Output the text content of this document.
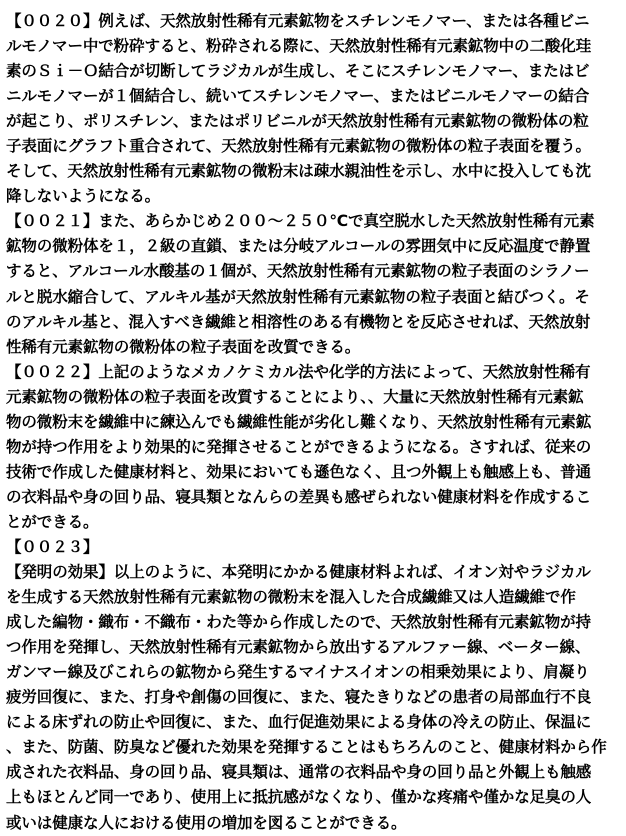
【００２０】例えば、天然放射性稀有元素鉱物をスチレンモノマー、または各種ビニ
ルモノマー中で粉砕すると、粉砕される際に、天然放射性稀有元素鉱物中の二酸化珪
素のＳｉ－Ｏ結合が切断してラジカルが生成し、そこにスチレンモノマー、またはビ
ニルモノマーが１個結合し、続いてスチレンモノマー、またはビニルモノマーの結合
が起こり、ポリスチレン、またはポリビニルが天然放射性稀有元素鉱物の微粉体の粒
子表面にグラフト重合されて、天然放射性稀有元素鉱物の微粉体の粒子表面を覆う。
そして、天然放射性稀有元素鉱物の微粉末は疎水親油性を示し、水中に投入しても沈
降しないようになる。
【００２１】また、あらかじめ２００～２５０℃で真空脱水した天然放射性稀有元素
鉱物の微粉体を１，２級の直鎖、または分岐アルコールの雰囲気中に反応温度で静置
すると、アルコール水酸基の１個が、天然放射性稀有元素鉱物の粒子表面のシラノー
ルと脱水縮合して、アルキル基が天然放射性稀有元素鉱物の粒子表面と結びつく。そ
のアルキル基と、混入すべき繊維と相溶性のある有機物とを反応させれば、天然放射
性稀有元素鉱物の微粉体の粒子表面を改質できる。
【００２２】上記のようなメカノケミカル法や化学的方法によって、天然放射性稀有
元素鉱物の微粉体の粒子表面を改質することにより、、大量に天然放射性稀有元素鉱
物の微粉末を繊維中に練込んでも繊維性能が劣化し難くなり、天然放射性稀有元素鉱
物が持つ作用をより効果的に発揮させることができるようになる。さすれば、従来の
技術で作成した健康材料と、効果においても遜色なく、且つ外観上も触感上も、普通
の衣料品や身の回り品、寝具類となんらの差異も感ぜられない健康材料を作成するこ
とができる。
【００２３】
【発明の効果】以上のように、本発明にかかる健康材料よれば、イオン対やラジカル
を生成する天然放射性稀有元素鉱物の微粉末を混入した合成繊維又は人造繊維で作
成した編物・織布・不織布・わた等から作成したので、天然放射性稀有元素鉱物が持
つ作用を発揮し、天然放射性稀有元素鉱物から放出するアルファー線、ベーター線、
ガンマー線及びこれらの鉱物から発生するマイナスイオンの相乗効果により、肩凝り
疲労回復に、また、打身や創傷の回復に、また、寝たきりなどの患者の局部血行不良
による床ずれの防止や回復に、また、血行促進効果による身体の冷えの防止、保温に
、また、防菌、防臭など優れた効果を発揮することはもちろんのこと、健康材料から作
成された衣料品、身の回り品、寝具類は、通常の衣料品や身の回り品と外観上も触感
上もほとんど同一であり、使用上に抵抗感がなくなり、僅かな疼痛や僅かな足臭の人
或いは健康な人における使用の増加を図ることができる。
